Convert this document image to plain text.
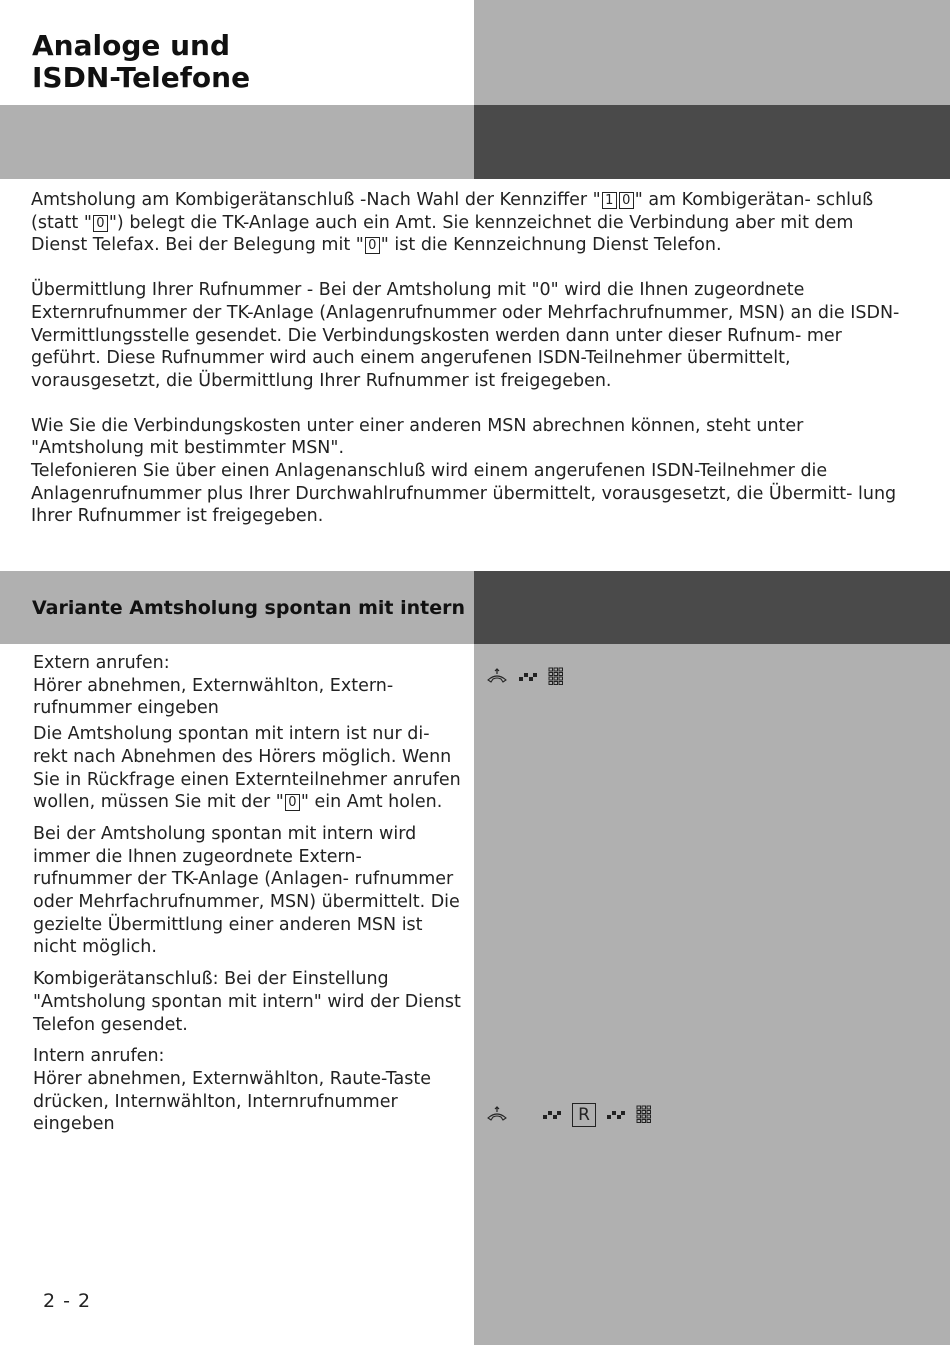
Analoge und
ISDN-Telefone

Amtsholung am Kombigerätanschluß -Nach Wahl der Kennziffer " 1 0 " am Kombigerätan- schluß (statt " 0 ") belegt die TK-Anlage auch ein Amt. Sie kennzeichnet die Verbindung aber mit dem Dienst Telefax. Bei der Belegung mit " 0 " ist die Kennzeichnung Dienst Telefon.

Übermittlung Ihrer Rufnummer - Bei der Amtsholung mit "0" wird die Ihnen zugeordnete Externrufnummer der TK-Anlage (Anlagenrufnummer oder Mehrfachrufnummer, MSN) an die ISDN-Vermittlungsstelle gesendet. Die Verbindungskosten werden dann unter dieser Rufnum- mer geführt. Diese Rufnummer wird auch einem angerufenen ISDN-Teilnehmer übermittelt, vorausgesetzt, die Übermittlung Ihrer Rufnummer ist freigegeben.

Wie Sie die Verbindungskosten unter einer anderen MSN abrechnen können, steht unter "Amtsholung mit bestimmter MSN".

Telefonieren Sie über einen Anlagenanschluß wird einem angerufenen ISDN-Teilnehmer die Anlagenrufnummer plus Ihrer Durchwahlrufnummer übermittelt, vorausgesetzt, die Übermitt- lung Ihrer Rufnummer ist freigegeben.

Variante Amtsholung spontan mit intern

Extern anrufen:
Hörer abnehmen, Externwählton, Extern- rufnummer eingeben

Die Amtsholung spontan mit intern ist nur di- rekt nach Abnehmen des Hörers möglich. Wenn Sie in Rückfrage einen Externteilnehmer anrufen wollen, müssen Sie mit der " 0 " ein Amt holen.

Bei der Amtsholung spontan mit intern wird immer die Ihnen zugeordnete Extern- rufnummer der TK-Anlage (Anlagen- rufnummer oder Mehrfachrufnummer, MSN) übermittelt. Die gezielte Übermittlung einer anderen MSN ist nicht möglich.

Kombigerätanschluß: Bei der Einstellung "Amtsholung spontan mit intern" wird der Dienst Telefon gesendet.

Intern anrufen:
Hörer abnehmen, Externwählton, Raute-Taste drücken, Internwählton, Internrufnummer eingeben	R
2 - 2
